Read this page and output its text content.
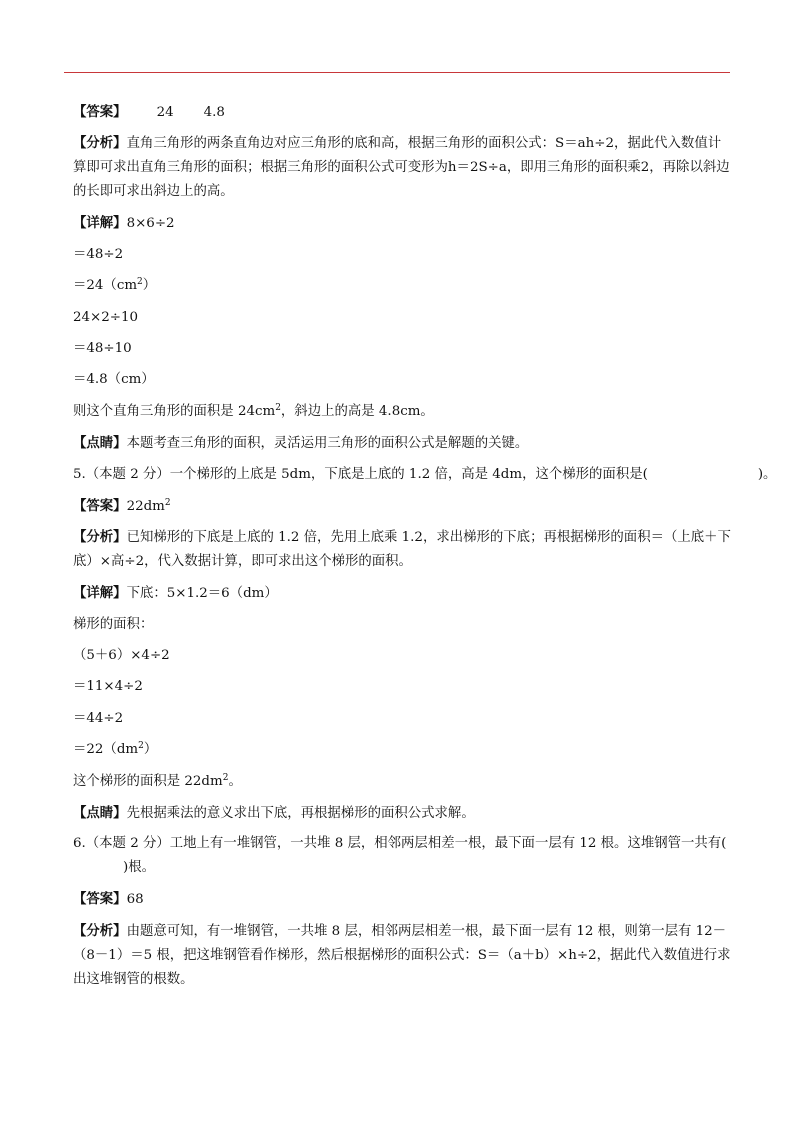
【答案】 24 4.8
【分析】直角三角形的两条直角边对应三角形的底和高，根据三角形的面积公式：S＝ah÷2，据此代入数值计算即可求出直角三角形的面积；根据三角形的面积公式可变形为h＝2S÷a，即用三角形的面积乘2，再除以斜边的长即可求出斜边上的高。
【详解】8×6÷2
＝48÷2
$=24(cm^2)$
24×2÷10
＝48÷10
＝4.8（cm）
则这个直角三角形的面积是 $24cm^2$，斜边上的高是 4.8cm。
【点睛】本题考查三角形的面积，灵活运用三角形的面积公式是解题的关键。
5.（本题 2 分）一个梯形的上底是 5dm，下底是上底的 1.2 倍，高是 4dm，这个梯形的面积是(	)。
【答案】$22dm^2$
【分析】已知梯形的下底是上底的 1.2 倍，先用上底乘 1.2，求出梯形的下底；再根据梯形的面积＝（上底＋下底）×高÷2，代入数据计算，即可求出这个梯形的面积。
【详解】下底：5×1.2＝6（dm）
梯形的面积：
（5＋6）×4÷2
＝11×4÷2
＝44÷2
$=22(dm^2)$
这个梯形的面积是 $22dm^2$。
【点睛】先根据乘法的意义求出下底，再根据梯形的面积公式求解。
6.（本题 2 分）工地上有一堆钢管，一共堆 8 层，相邻两层相差一根，最下面一层有 12 根。这堆钢管一共有()根。
【答案】68
【分析】由题意可知，有一堆钢管，一共堆 8 层，相邻两层相差一根，最下面一层有 12 根，则第一层有 12－（8－1）＝5 根，把这堆钢管看作梯形，然后根据梯形的面积公式：S＝（a＋b）×h÷2，据此代入数值进行求出这堆钢管的根数。
